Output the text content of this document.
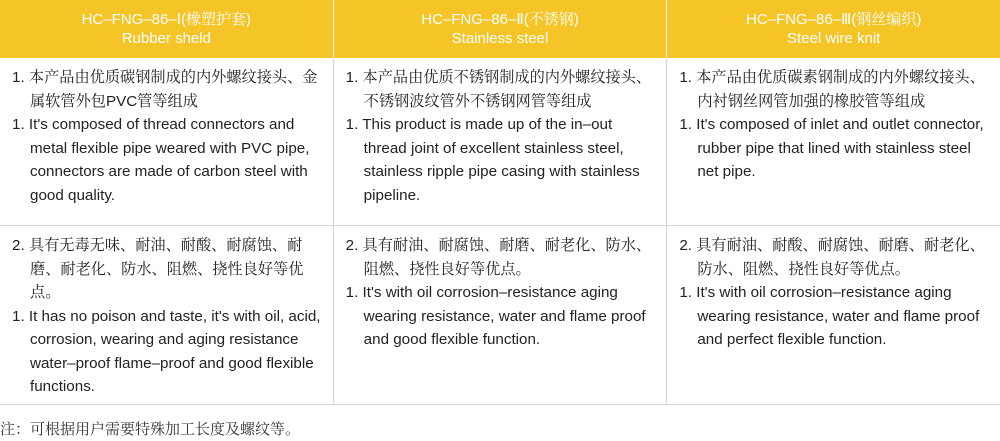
HC–FNG–86–Ⅰ(橡塑护套)
Rubber sheld
HC–FNG–86–Ⅱ(不锈钢)
Stainless steel
HC–FNG–86–Ⅲ(钢丝编织)
Steel wire knit
1. 本产品由优质碳钢制成的内外螺纹接头、金属软管外包PVC管等组成
1. It's composed of thread connectors and metal flexible pipe weared with PVC pipe, connectors are made of carbon steel with good quality.
1. 本产品由优质不锈钢制成的内外螺纹接头、不锈钢波纹管外不锈钢网管等组成
1. This product is made up of the in–out thread joint of excellent stainless steel, stainless ripple pipe casing with stainless pipeline.
1. 本产品由优质碳素钢制成的内外螺纹接头、内衬钢丝网管加强的橡胶管等组成
1. It's composed of inlet and outlet connector, rubber pipe that lined with stainless steel net pipe.
2. 具有无毒无味、耐油、耐酸、耐腐蚀、耐磨、耐老化、防水、阻燃、挠性良好等优点。
1. It has no poison and taste, it's with oil, acid, corrosion, wearing and aging resistance water–proof flame–proof and good flexible functions.
2. 具有耐油、耐腐蚀、耐磨、耐老化、防水、阻燃、挠性良好等优点。
1. It's with oil corrosion–resistance aging wearing resistance, water and flame proof and good flexible function.
2. 具有耐油、耐酸、耐腐蚀、耐磨、耐老化、防水、阻燃、挠性良好等优点。
1. It's with oil corrosion–resistance aging wearing resistance, water and flame proof and perfect flexible function.
注：可根据用户需要特殊加工长度及螺纹等。
